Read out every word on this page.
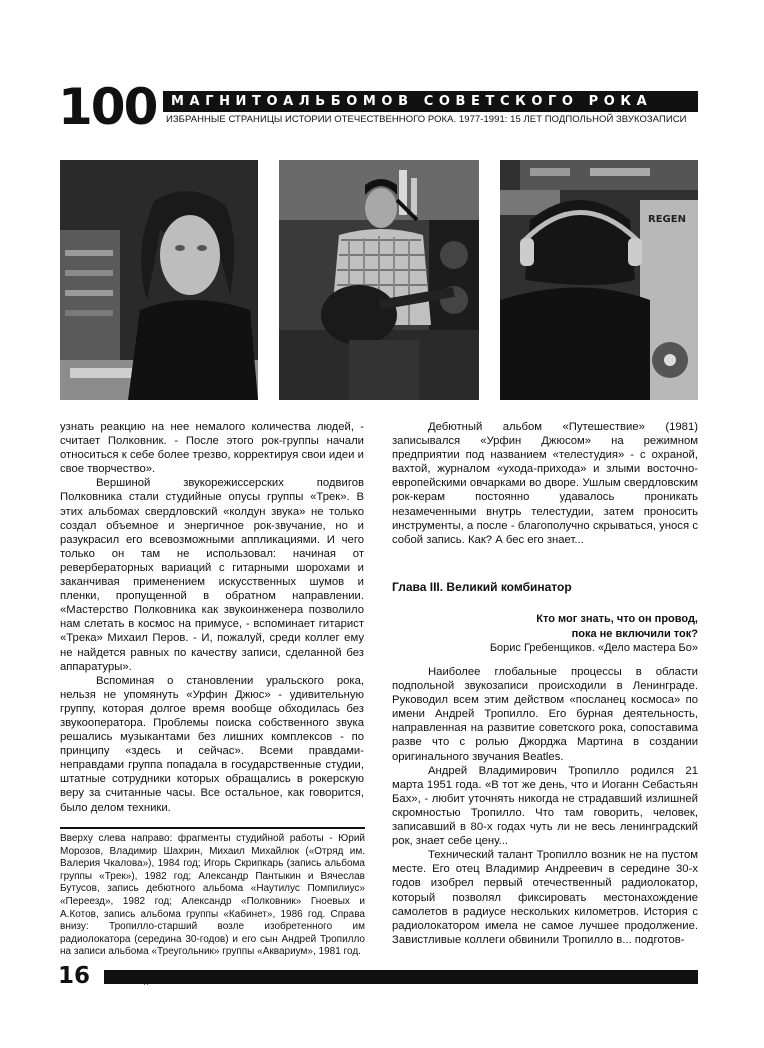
100	МАГНИТОАЛЬБОМОВ СОВЕТСКОГО РОКА
ИЗБРАННЫЕ СТРАНИЦЫ ИСТОРИИ ОТЕЧЕСТВЕННОГО РОКА. 1977-1991: 15 ЛЕТ ПОДПОЛЬНОЙ ЗВУКОЗАПИСИ
REGEN

узнать реакцию на нее немалого количества людей, - считает Полковник. - После этого рок-группы начали относиться к себе более трезво, корректируя свои идеи и свое творчество».

Вершиной звукорежиссерских подвигов Полковника стали студийные опусы группы «Трек». В этих альбомах свердловский «колдун звука» не только создал объемное и энергичное рок-звучание, но и разукрасил его всевозможными аппликациями. И чего только он там не использовал: начиная от ревербераторных вариаций с гитарными шорохами и заканчивая применением искусственных шумов и пленки, пропущенной в обратном направлении. «Мастерство Полковника как звукоинженера позволило нам слетать в космос на примусе, - вспоминает гитарист «Трека» Михаил Перов. - И, пожалуй, среди коллег ему не найдется равных по качеству записи, сделанной без аппаратуры».

Вспоминая о становлении уральского рока, нельзя не упомянуть «Урфин Джюс» - удивительную группу, которая долгое время вообще обходилась без звукооператора. Проблемы поиска собственного звука решались музыкантами без лишних комплексов - по принципу «здесь и сейчас». Всеми правдами-неправдами группа попадала в государственные студии, штатные сотрудники которых обращались в рокерскую веру за считанные часы. Все остальное, как говорится, было делом техники.

Вверху слева направо: фрагменты студийной работы - Юрий Морозов, Владимир Шахрин, Михаил Михайлюк («Отряд им. Валерия Чкалова»), 1984 год; Игорь Скрипкарь (запись альбома группы «Трек»), 1982 год; Александр Пантыкин и Вячеслав Бутусов, запись дебютного альбома «Наутилус Помпилиус» «Переезд», 1982 год; Александр «Полковник» Гноевых и А.Котов, запись альбома группы «Кабинет», 1986 год. Справа внизу: Тропилло-старший возле изобретенного им радиолокатора (середина 30-годов) и его сын Андрей Тропилло на записи альбома «Треугольник» группы «Аквариум», 1981 год.

Дебютный альбом «Путешествие» (1981) записывался «Урфин Джюсом» на режимном предприятии под названием «телестудия» - с охраной, вахтой, журналом «ухода-прихода» и злыми восточно-европейскими овчарками во дворе. Ушлым свердловским рок-керам постоянно удавалось проникать незамеченными внутрь телестудии, затем проносить инструменты, а после - благополучно скрываться, унося с собой запись. Как? А бес его знает...

Глава III. Великий комбинатор
Кто мог знать, что он провод,
пока не включили ток?
Борис Гребенщиков. «Дело мастера Бо»

Наиболее глобальные процессы в области подпольной звукозаписи происходили в Ленинграде. Руководил всем этим действом «посланец космоса» по имени Андрей Тропилло. Его бурная деятельность, направленная на развитие советского рока, сопоставима разве что с ролью Джорджа Мартина в создании оригинального звучания Beatles.

Андрей Владимирович Тропилло родился 21 марта 1951 года. «В тот же день, что и Иоганн Себастьян Бах», - любит уточнять никогда не страдавший излишней скромностью Тропилло. Что там говорить, человек, записавший в 80-х годах чуть ли не весь ленинградский рок, знает себе цену...

Технический талант Тропилло возник не на пустом месте. Его отец Владимир Андреевич в середине 30-х годов изобрел первый отечественный радиолокатор, который позволял фиксировать местонахождение самолетов в радиусе нескольких километров. История с радиолокатором имела не самое лучшее продолжение. Завистливые коллеги обвинили Тропилло в... подготов-

16	АЛЕКСАНДР КУШНИР. 100 МАГНИТОАЛЬБОМОВ СОВЕТСКОГО РОКА	1999
